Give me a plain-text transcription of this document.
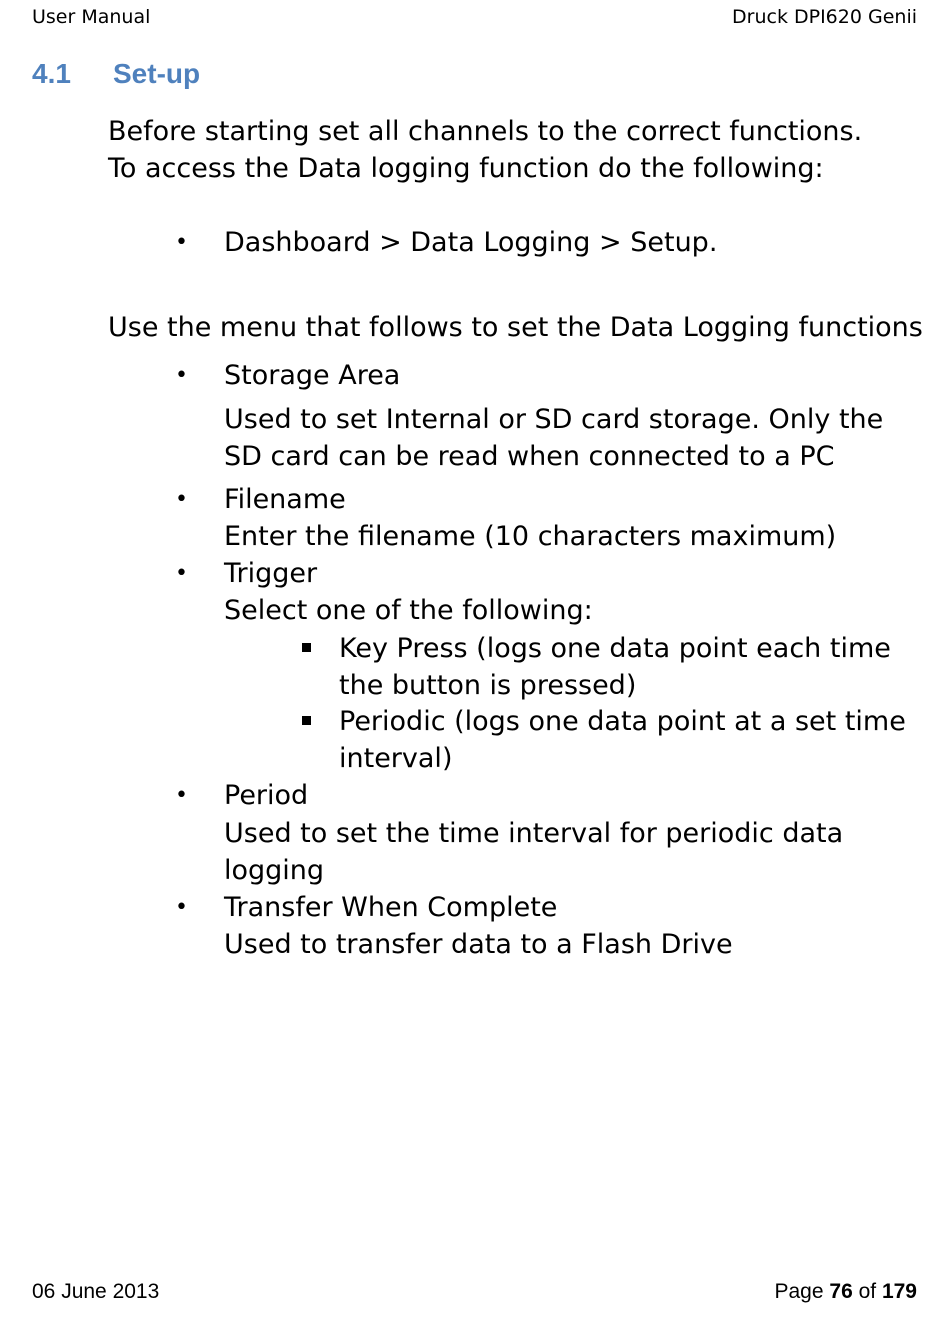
User Manual	Druck DPI620 Genii
4.1 Set-up
Before starting set all channels to the correct functions.
To access the Data logging function do the following:
• Dashboard > Data Logging > Setup.
Use the menu that follows to set the Data Logging functions
• Storage Area
Used to set Internal or SD card storage. Only the
SD card can be read when connected to a PC
• Filename
Enter the filename (10 characters maximum)
• Trigger
Select one of the following:
Key Press (logs one data point each time
the button is pressed)
Periodic (logs one data point at a set time
interval)
• Period
Used to set the time interval for periodic data
logging
• Transfer When Complete
Used to transfer data to a Flash Drive
06 June 2013	Page 76 of 179
